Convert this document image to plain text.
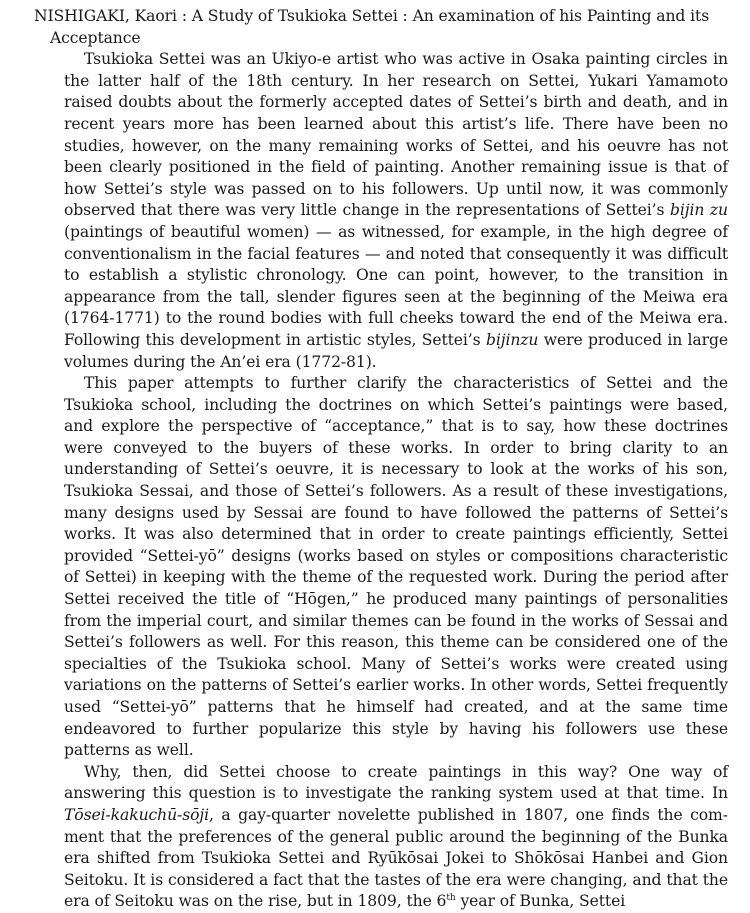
NISHIGAKI, Kaori : A Study of Tsukioka Settei : An examination of his Painting and its Acceptance

Tsukioka Settei was an Ukiyo-e artist who was active in Osaka painting circles in the latter half of the 18th century. In her research on Settei, Yukari Yamamoto raised doubts about the formerly accepted dates of Settei’s birth and death, and in recent years more has been learned about this artist’s life. There have been no studies, however, on the many remaining works of Settei, and his oeuvre has not been clearly positioned in the field of painting. Another remaining issue is that of how Settei’s style was passed on to his followers. Up until now, it was commonly observed that there was very little change in the representations of Settei’s bijin zu (paintings of beautiful women) — as witnessed, for example, in the high degree of conventionalism in the facial features — and noted that consequently it was difficult to establish a stylistic chronology. One can point, however, to the transition in appearance from the tall, slender figures seen at the beginning of the Meiwa era (1764-1771) to the round bodies with full cheeks toward the end of the Meiwa era. Following this development in artistic styles, Settei’s bijinzu were produced in large volumes during the An’ei era (1772-81).

This paper attempts to further clarify the characteristics of Settei and the Tsukioka school, including the doctrines on which Settei’s paintings were based, and explore the perspective of “acceptance,” that is to say, how these doctrines were conveyed to the buyers of these works. In order to bring clarity to an understanding of Settei’s oeuvre, it is necessary to look at the works of his son, Tsukioka Sessai, and those of Settei’s followers. As a result of these investigations, many designs used by Sessai are found to have followed the patterns of Settei’s works. It was also determined that in order to create paintings efficiently, Settei provided “Settei-yō” designs (works based on styles or compositions characteristic of Settei) in keeping with the theme of the requested work. During the period after Settei received the title of “Hōgen,” he produced many paintings of personalities from the imperial court, and similar themes can be found in the works of Sessai and Settei’s followers as well. For this reason, this theme can be considered one of the specialties of the Tsukioka school. Many of Settei’s works were created using variations on the patterns of Settei’s earlier works. In other words, Settei frequently used “Settei-yō” patterns that he himself had created, and at the same time endeavored to further popularize this style by having his followers use these patterns as well.

Why, then, did Settei choose to create paintings in this way? One way of answering this question is to investigate the ranking system used at that time. In Tōsei-kakuchū-sōji, a gay-quarter novelette published in 1807, one finds the comment that the preferences of the general public around the beginning of the Bunka era shifted from Tsukioka Settei and Ryūkōsai Jokei to Shōkōsai Hanbei and Gion Seitoku. It is considered a fact that the tastes of the era were changing, and that the era of Seitoku was on the rise, but in 1809, the 6th year of Bunka, Settei
